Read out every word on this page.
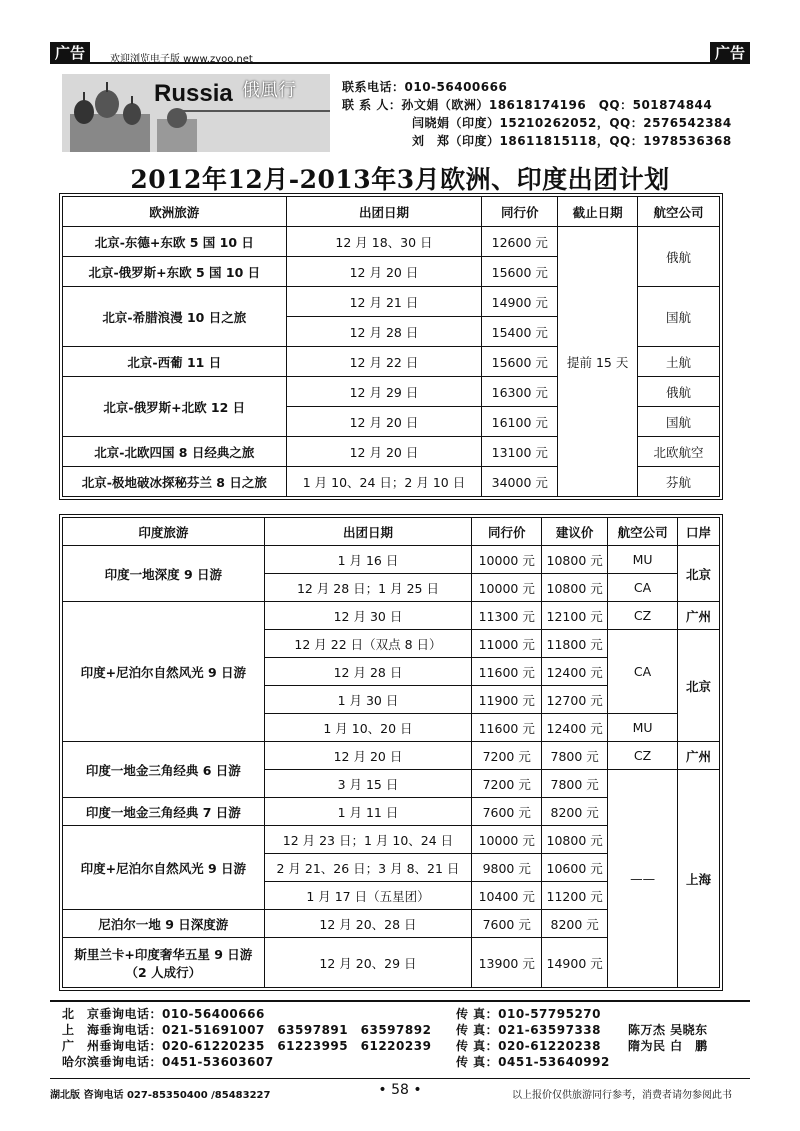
广告	欢迎浏览电子版 www.zyoo.net	广告
Russia 俄風行	联系电话：010-56400666
联 系 人：孙文娟（欧洲）18618174196　QQ：501874844
闫晓娟（印度）15210262052，QQ：2576542384
刘　郑（印度）18611815118，QQ：1978536368
2012年12月-2013年3月欧洲、印度出团计划
欧洲旅游	出团日期	同行价	截止日期	航空公司
北京-东德+东欧 5 国 10 日	12 月 18、30 日	12600 元	提前 15 天	俄航
北京-俄罗斯+东欧 5 国 10 日	12 月 20 日	15600 元		
北京-希腊浪漫 10 日之旅	12 月 21 日	14900 元		国航
	12 月 28 日	15400 元		
北京-西葡 11 日	12 月 22 日	15600 元		土航
北京-俄罗斯+北欧 12 日	12 月 29 日	16300 元		俄航
	12 月 20 日	16100 元		国航
北京-北欧四国 8 日经典之旅	12 月 20 日	13100 元		北欧航空
北京-极地破冰探秘芬兰 8 日之旅	1 月 10、24 日；2 月 10 日	34000 元		芬航
印度旅游	出团日期	同行价	建议价	航空公司	口岸
印度一地深度 9 日游	1 月 16 日	10000 元	10800 元	MU	北京
	12 月 28 日；1 月 25 日	10000 元	10800 元	CA	
印度+尼泊尔自然风光 9 日游	12 月 30 日	11300 元	12100 元	CZ	广州
	12 月 22 日（双点 8 日）	11000 元	11800 元	CA	北京
	12 月 28 日	11600 元	12400 元		
	1 月 30 日	11900 元	12700 元		
	1 月 10、20 日	11600 元	12400 元	MU	
印度一地金三角经典 6 日游	12 月 20 日	7200 元	7800 元	CZ	广州
	3 月 15 日	7200 元	7800 元	——	上海
印度一地金三角经典 7 日游	1 月 11 日	7600 元	8200 元		
印度+尼泊尔自然风光 9 日游	12 月 23 日；1 月 10、24 日	10000 元	10800 元		
	2 月 21、26 日；3 月 8、21 日	9800 元	10600 元		
	1 月 17 日（五星团）	10400 元	11200 元		
尼泊尔一地 9 日深度游	12 月 20、28 日	7600 元	8200 元		
斯里兰卡+印度奢华五星 9 日游（2 人成行）	12 月 20、29 日	13900 元	14900 元		
北　京垂询电话：010-56400666	传 真：010-57795270
上　海垂询电话：021-51691007　63597891　63597892 传 真：021-63597338 陈万杰 吴晓东
广　州垂询电话：020-61220235　61223995　61220239 传 真：020-61220238 隋为民 白　鹏
哈尔滨垂询电话：0451-53603607	传 真：0451-53640992
湖北版 咨询电话 027-85350400 /85483227	• 58 •	以上报价仅供旅游同行参考，消费者请勿参阅此书
